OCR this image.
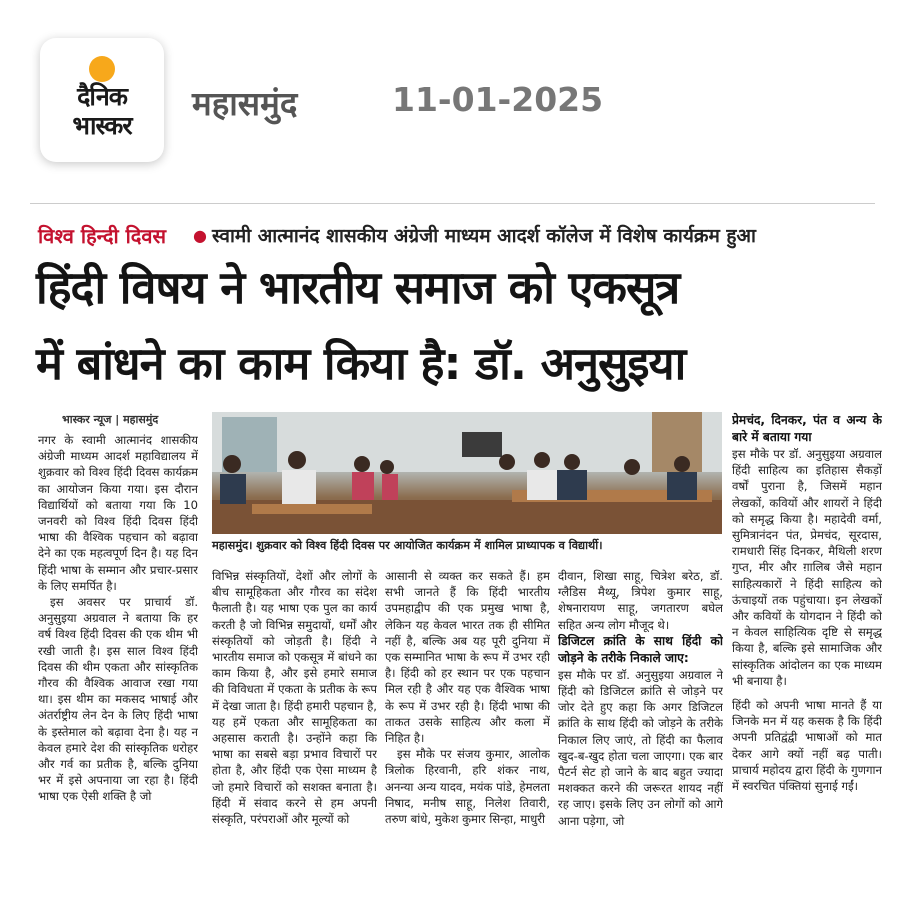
दैनिक
भास्कर
महासमुंद	11-01-2025
विश्व हिन्दी दिवस ● स्वामी आत्मानंद शासकीय अंग्रेजी माध्यम आदर्श कॉलेज में विशेष कार्यक्रम हुआ
हिंदी विषय ने भारतीय समाज को एकसूत्र
में बांधने का काम किया है: डॉ. अनुसुइया
भास्कर न्यूज | महासमुंद

नगर के स्वामी आत्मानंद शासकीय अंग्रेजी माध्यम आदर्श महाविद्यालय में शुक्रवार को विश्व हिंदी दिवस कार्यक्रम का आयोजन किया गया। इस दौरान विद्यार्थियों को बताया गया कि 10 जनवरी को विश्व हिंदी दिवस हिंदी भाषा की वैश्विक पहचान को बढ़ावा देने का एक महत्वपूर्ण दिन है। यह दिन हिंदी भाषा के सम्मान और प्रचार-प्रसार के लिए समर्पित है।

इस अवसर पर प्राचार्य डॉ. अनुसुइया अग्रवाल ने बताया कि हर वर्ष विश्व हिंदी दिवस की एक थीम भी रखी जाती है। इस साल विश्व हिंदी दिवस की थीम एकता और सांस्कृतिक गौरव की वैश्विक आवाज रखा गया था। इस थीम का मकसद भाषाई और अंतर्राष्ट्रीय लेन देन के लिए हिंदी भाषा के इस्तेमाल को बढ़ावा देना है। यह न केवल हमारे देश की सांस्कृतिक धरोहर और गर्व का प्रतीक है, बल्कि दुनिया भर में इसे अपनाया जा रहा है। हिंदी भाषा एक ऐसी शक्ति है जो

महासमुंद। शुक्रवार को विश्व हिंदी दिवस पर आयोजित कार्यक्रम में शामिल प्राध्यापक व विद्यार्थी।

विभिन्न संस्कृतियों, देशों और लोगों के बीच सामूहिकता और गौरव का संदेश फैलाती है। यह भाषा एक पुल का कार्य करती है जो विभिन्न समुदायों, धर्मों और संस्कृतियों को जोड़ती है। हिंदी ने भारतीय समाज को एकसूत्र में बांधने का काम किया है, और इसे हमारे समाज की विविधता में एकता के प्रतीक के रूप में देखा जाता है। हिंदी हमारी पहचान है, यह हमें एकता और सामूहिकता का अहसास कराती है। उन्होंने कहा कि भाषा का सबसे बड़ा प्रभाव विचारों पर होता है, और हिंदी एक ऐसा माध्यम है जो हमारे विचारों को सशक्त बनाता है। हिंदी में संवाद करने से हम अपनी संस्कृति, परंपराओं और मूल्यों को

आसानी से व्यक्त कर सकते हैं। हम सभी जानते हैं कि हिंदी भारतीय उपमहाद्वीप की एक प्रमुख भाषा है, लेकिन यह केवल भारत तक ही सीमित नहीं है, बल्कि अब यह पूरी दुनिया में एक सम्मानित भाषा के रूप में उभर रही है। हिंदी को हर स्थान पर एक पहचान मिल रही है और यह एक वैश्विक भाषा के रूप में उभर रही है। हिंदी भाषा की ताकत उसके साहित्य और कला में निहित है।

इस मौके पर संजय कुमार, आलोक त्रिलोक हिरवानी, हरि शंकर नाथ, अनन्या अन्य यादव, मयंक पांडे, हेमलता निषाद, मनीष साहू, निलेश तिवारी, तरुण बांधे, मुकेश कुमार सिन्हा, माधुरी

दीवान, शिखा साहू, चित्रेश बरेठ, डॉ. ग्लैडिस मैथ्यू, त्रिपेश कुमार साहू, शेषनारायण साहू, जगतारण बघेल सहित अन्य लोग मौजूद थे।

डिजिटल क्रांति के साथ हिंदी को जोड़ने के तरीके निकाले जाए:

इस मौके पर डॉ. अनुसुइया अग्रवाल ने हिंदी को डिजिटल क्रांति से जोड़ने पर जोर देते हुए कहा कि अगर डिजिटल क्रांति के साथ हिंदी को जोड़ने के तरीके निकाल लिए जाएं, तो हिंदी का फैलाव खुद-ब-खुद होता चला जाएगा। एक बार पैटर्न सेट हो जाने के बाद बहुत ज्यादा मशक्कत करने की जरूरत शायद नहीं रह जाए। इसके लिए उन लोगों को आगे आना पड़ेगा, जो

प्रेमचंद, दिनकर, पंत व अन्य के बारे में बताया गया

इस मौके पर डॉ. अनुसुइया अग्रवाल हिंदी साहित्य का इतिहास सैकड़ों वर्षों पुराना है, जिसमें महान लेखकों, कवियों और शायरों ने हिंदी को समृद्ध किया है। महादेवी वर्मा, सुमित्रानंदन पंत, प्रेमचंद, सूरदास, रामधारी सिंह दिनकर, मैथिली शरण गुप्त, मीर और ग़ालिब जैसे महान साहित्यकारों ने हिंदी साहित्य को ऊंचाइयों तक पहुंचाया। इन लेखकों और कवियों के योगदान ने हिंदी को न केवल साहित्यिक दृष्टि से समृद्ध किया है, बल्कि इसे सामाजिक और सांस्कृतिक आंदोलन का एक माध्यम भी बनाया है।

हिंदी को अपनी भाषा मानते हैं या जिनके मन में यह कसक है कि हिंदी अपनी प्रतिद्वंद्वी भाषाओं को मात देकर आगे क्यों नहीं बढ़ पाती। प्राचार्य महोदय द्वारा हिंदी के गुणगान में स्वरचित पंक्तियां सुनाई गईं।
